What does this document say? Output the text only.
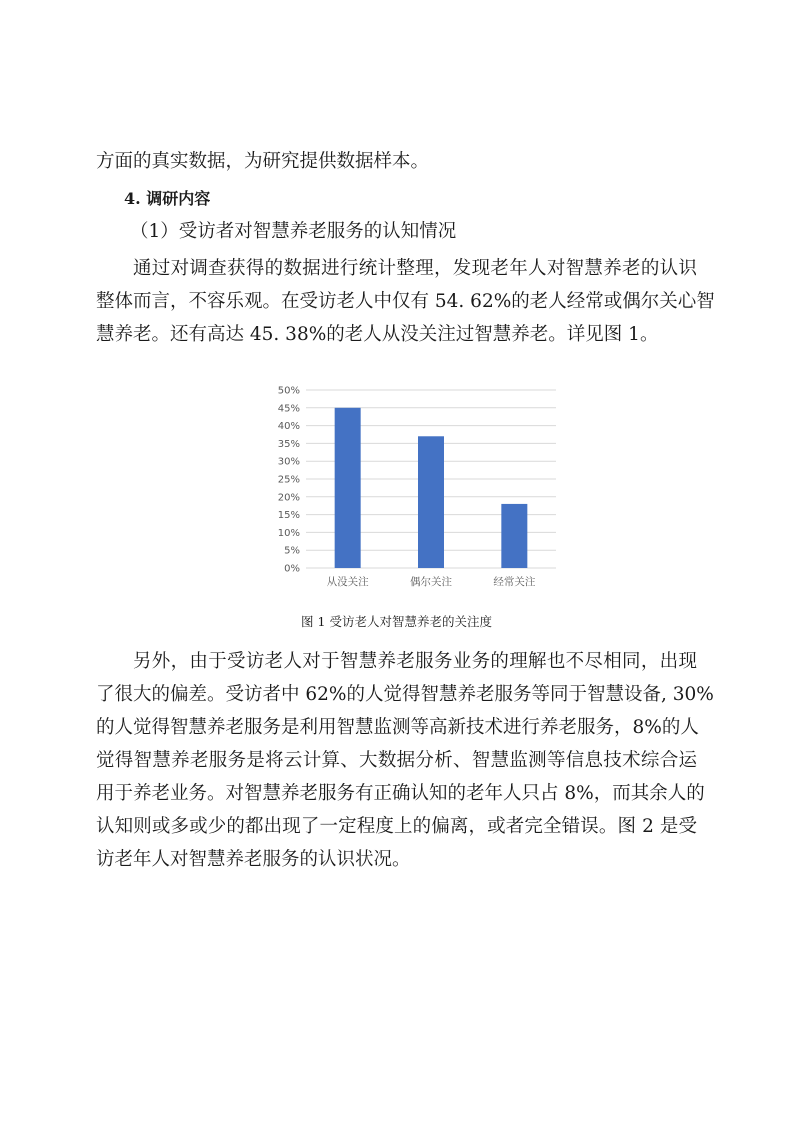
方面的真实数据，为研究提供数据样本。
4. 调研内容
（1）受访者对智慧养老服务的认知情况
通过对调查获得的数据进行统计整理，发现老年人对智慧养老的认识
整体而言，不容乐观。在受访老人中仅有 54. 62%的老人经常或偶尔关心智
慧养老。还有高达 45. 38%的老人从没关注过智慧养老。详见图 1。
0%
5%
10%
15%
20%
25%
30%
35%
40%
45%
50%
从没关注	偶尔关注	经常关注
图 1 受访老人对智慧养老的关注度
另外，由于受访老人对于智慧养老服务业务的理解也不尽相同，出现
了很大的偏差。受访者中 62%的人觉得智慧养老服务等同于智慧设备, 30%
的人觉得智慧养老服务是利用智慧监测等高新技术进行养老服务，8%的人
觉得智慧养老服务是将云计算、大数据分析、智慧监测等信息技术综合运
用于养老业务。对智慧养老服务有正确认知的老年人只占 8%，而其余人的
认知则或多或少的都出现了一定程度上的偏离，或者完全错误。图 2 是受
访老年人对智慧养老服务的认识状况。
